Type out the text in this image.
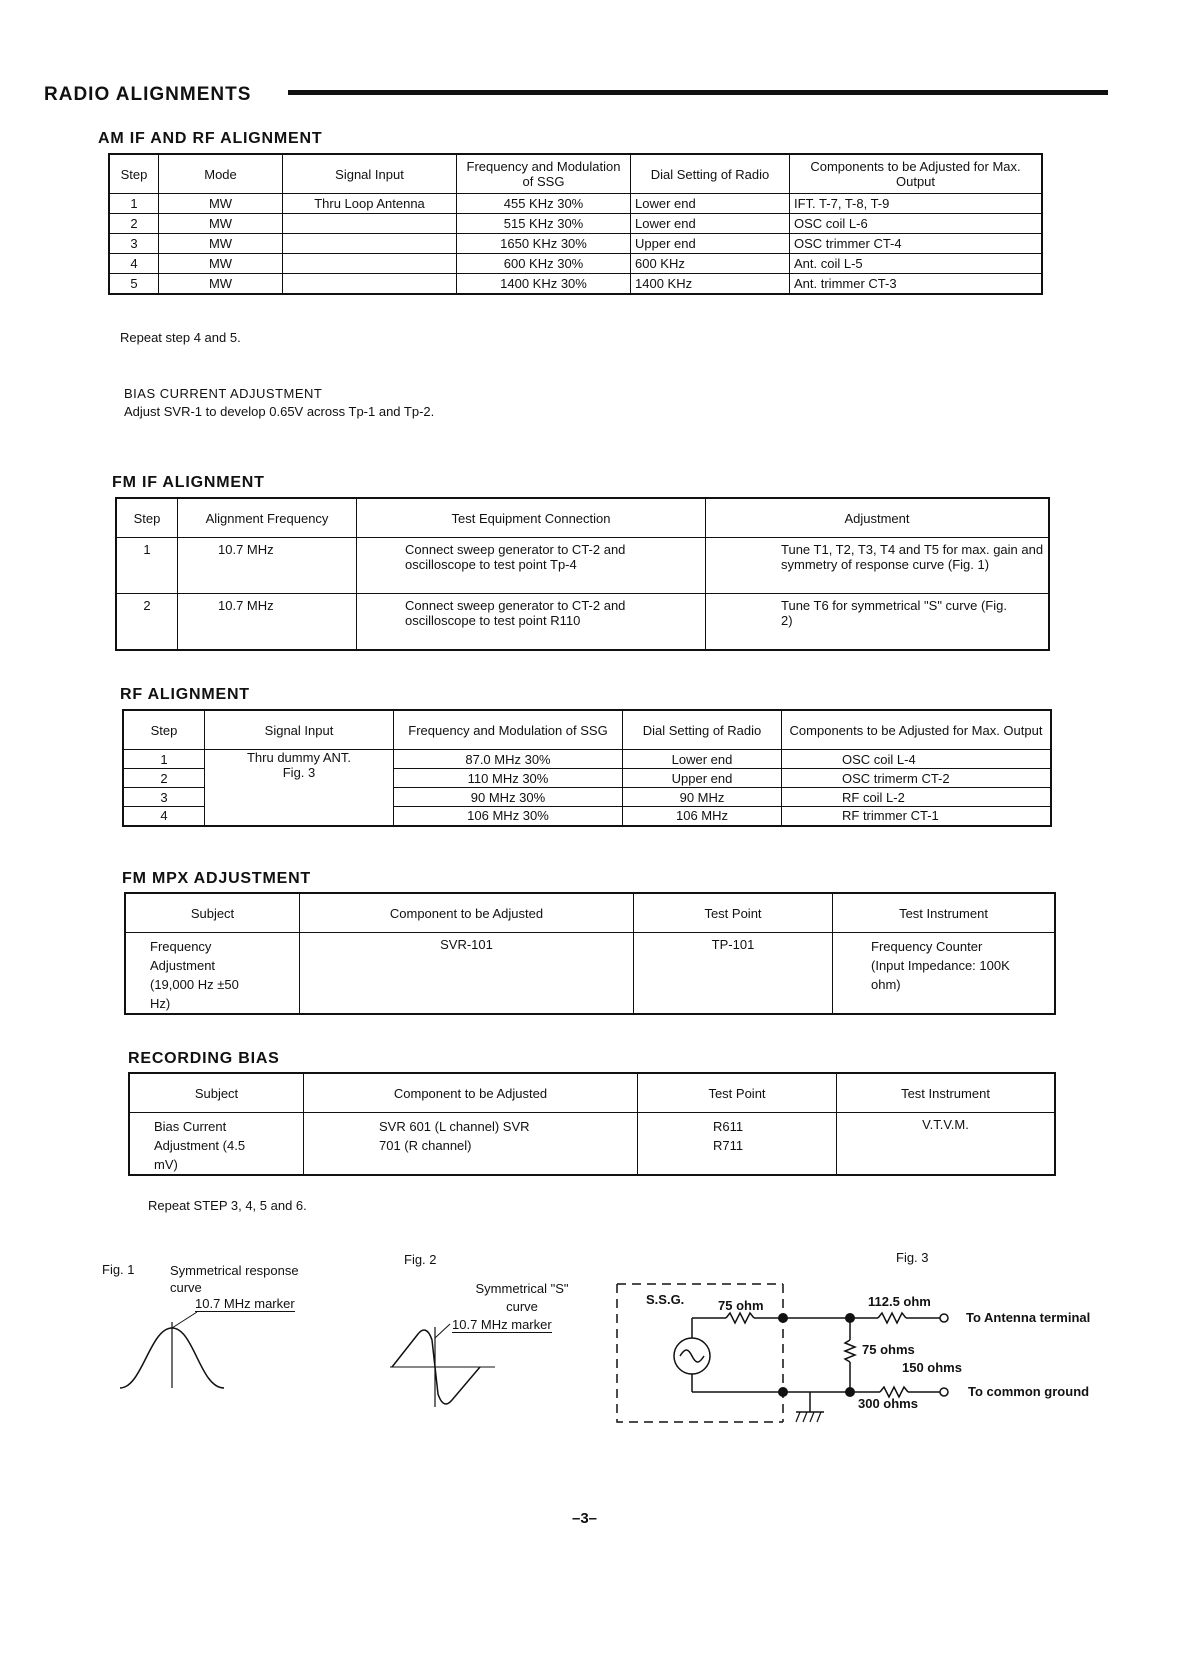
RADIO ALIGNMENTS
AM IF AND RF ALIGNMENT
Step	Mode	Signal Input	Frequency and Modulation of SSG	Dial Setting of Radio	Components to be Adjusted for Max. Output
1	MW	Thru Loop Antenna	455 KHz 30%	Lower end	IFT. T-7, T-8, T-9
2	MW		515 KHz 30%	Lower end	OSC coil L-6
3	MW		1650 KHz 30%	Upper end	OSC trimmer CT-4
4	MW		600 KHz 30%	600 KHz	Ant. coil L-5
5	MW		1400 KHz 30%	1400 KHz	Ant. trimmer CT-3
Repeat step 4 and 5.
BIAS CURRENT ADJUSTMENT
Adjust SVR-1 to develop 0.65V across Tp-1 and Tp-2.
FM IF ALIGNMENT
Step	Alignment Frequency	Test Equipment Connection	Adjustment
1	10.7 MHz	Connect sweep generator to CT-2 and oscilloscope to test point Tp-4	Tune T1, T2, T3, T4 and T5 for max. gain and symmetry of response curve (Fig. 1)
2	10.7 MHz	Connect sweep generator to CT-2 and oscilloscope to test point R110	Tune T6 for symmetrical "S" curve (Fig. 2)
RF ALIGNMENT
Step	Signal Input	Frequency and Modulation of SSG	Dial Setting of Radio	Components to be Adjusted for Max. Output
1	Thru dummy ANT. Fig. 3	87.0 MHz 30%	Lower end	OSC coil L-4
2		110 MHz 30%	Upper end	OSC trimerm CT-2
3		90 MHz 30%	90 MHz	RF coil L-2
4		106 MHz 30%	106 MHz	RF trimmer CT-1
FM MPX ADJUSTMENT
Subject	Component to be Adjusted	Test Point	Test Instrument
Frequency Adjustment (19,000 Hz ±50 Hz)	SVR-101	TP-101	Frequency Counter (Input Impedance: 100K ohm)
RECORDING BIAS
Subject	Component to be Adjusted	Test Point	Test Instrument
Bias Current Adjustment (4.5 mV)	SVR 601 (L channel) SVR 701 (R channel)	R611 R711	V.T.V.M.
Repeat STEP 3, 4, 5 and 6.
Fig. 1	Symmetrical response curve
10.7 MHz marker
Fig. 2
Symmetrical "S" curve
10.7 MHz marker
Fig. 3
S.S.G.	75 ohm	112.5 ohm
75 ohms
150 ohms
300 ohms
To Antenna terminal
To common ground
–3–
